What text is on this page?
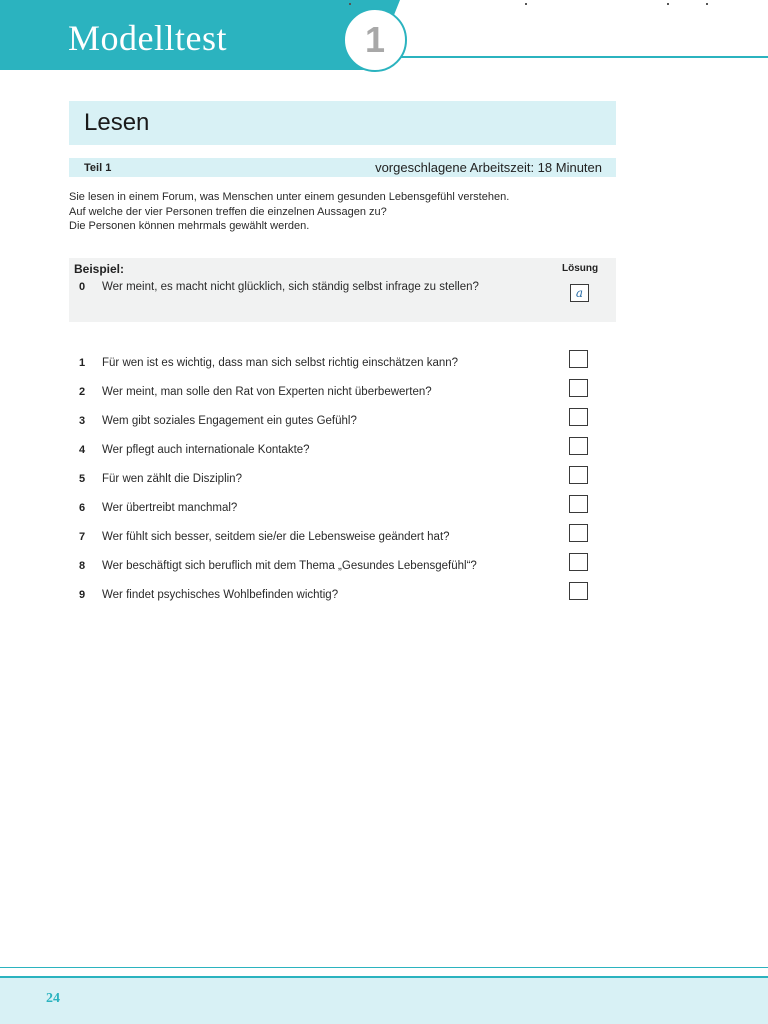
Modelltest	1
Lesen
Teil 1	vorgeschlagene Arbeitszeit: 18 Minuten
Sie lesen in einem Forum, was Menschen unter einem gesunden Lebensgefühl verstehen.
Auf welche der vier Personen treffen die einzelnen Aussagen zu?
Die Personen können mehrmals gewählt werden.
Beispiel:	Lösung
0	Wer meint, es macht nicht glücklich, sich ständig selbst infrage zu stellen?	a
1	Für wen ist es wichtig, dass man sich selbst richtig einschätzen kann?
2	Wer meint, man solle den Rat von Experten nicht überbewerten?
3	Wem gibt soziales Engagement ein gutes Gefühl?
4	Wer pflegt auch internationale Kontakte?
5	Für wen zählt die Disziplin?
6	Wer übertreibt manchmal?
7	Wer fühlt sich besser, seitdem sie/er die Lebensweise geändert hat?
8	Wer beschäftigt sich beruflich mit dem Thema „Gesundes Lebensgefühl“?
9	Wer findet psychisches Wohlbefinden wichtig?
24
